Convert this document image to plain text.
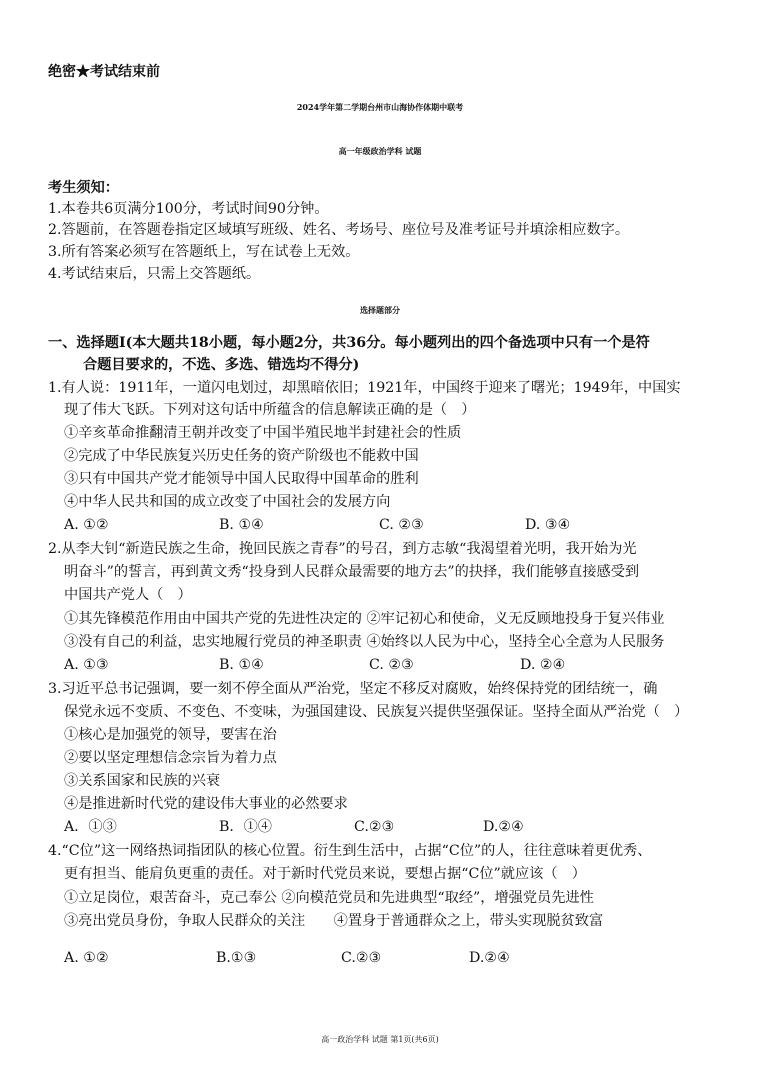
绝密★考试结束前
2024学年第二学期台州市山海协作体期中联考
高一年级政治学科 试题
考生须知：
1.本卷共6页满分100分，考试时间90分钟。
2.答题前，在答题卷指定区域填写班级、姓名、考场号、座位号及准考证号并填涂相应数字。
3.所有答案必须写在答题纸上，写在试卷上无效。
4.考试结束后，只需上交答题纸。
选择题部分
一、选择题Ⅰ(本大题共18小题，每小题2分，共36分。每小题列出的四个备选项中只有一个是符
合题目要求的，不选、多选、错选均不得分)
1.有人说：1911年，一道闪电划过，却黑暗依旧；1921年，中国终于迎来了曙光；1949年，中国实
现了伟大飞跃。下列对这句话中所蕴含的信息解读正确的是（　）
①辛亥革命推翻清王朝并改变了中国半殖民地半封建社会的性质
②完成了中华民族复兴历史任务的资产阶级也不能救中国
③只有中国共产党才能领导中国人民取得中国革命的胜利
④中华人民共和国的成立改变了中国社会的发展方向
A. ①②	B. ①④	C. ②③	D. ③④
2.从李大钊“新造民族之生命，挽回民族之青春”的号召，到方志敏“我渴望着光明，我开始为光
明奋斗”的誓言，再到黄文秀“投身到人民群众最需要的地方去”的抉择，我们能够直接感受到
中国共产党人（　）
①其先锋模范作用由中国共产党的先进性决定的 ②牢记初心和使命，义无反顾地投身于复兴伟业
③没有自己的利益，忠实地履行党员的神圣职责 ④始终以人民为中心，坚持全心全意为人民服务
A. ①③	B. ①④	C. ②③	D. ②④
3.习近平总书记强调，要一刻不停全面从严治党，坚定不移反对腐败，始终保持党的团结统一，确
保党永远不变质、不变色、不变味，为强国建设、民族复兴提供坚强保证。坚持全面从严治党（　）
①核心是加强党的领导，要害在治
②要以坚定理想信念宗旨为着力点
③关系国家和民族的兴衰
④是推进新时代党的建设伟大事业的必然要求
A．①③	B．①④	C.②③	D.②④
4.“C位”这一网络热词指团队的核心位置。衍生到生活中，占据“C位”的人，往往意味着更优秀、
更有担当、能肩负更重的责任。对于新时代党员来说，要想占据“C位”就应该（　）
①立足岗位，艰苦奋斗，克己奉公 ②向模范党员和先进典型“取经”，增强党员先进性
③亮出党员身份，争取人民群众的关注　　④置身于普通群众之上，带头实现脱贫致富
A. ①②	B.①③	C.②③	D.②④
高一政治学科 试题 第1页(共6页)
